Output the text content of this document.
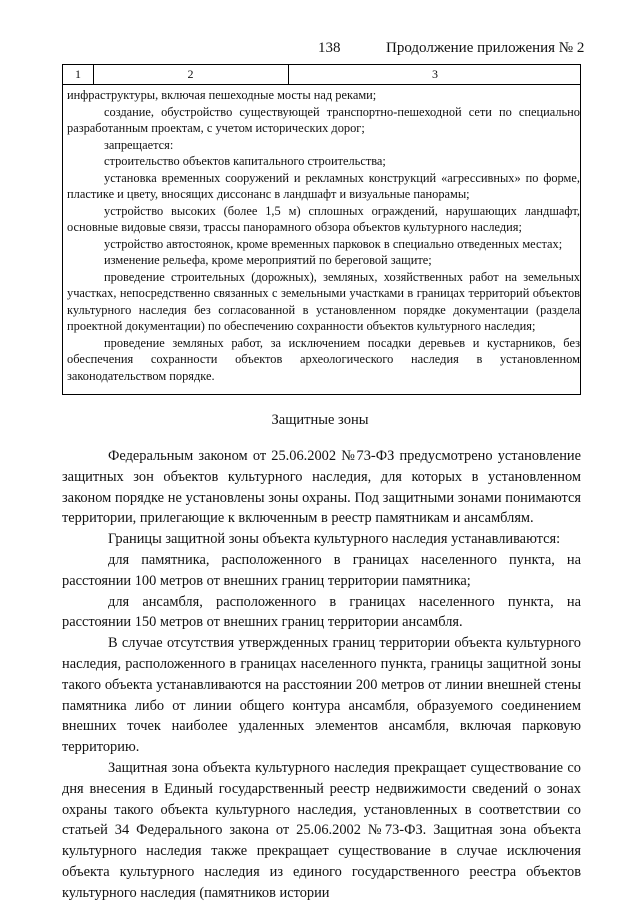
138	Продолжение приложения № 2
1	2	3

инфраструктуры, включая пешеходные мосты над реками;

создание, обустройство существующей транспортно-пешеходной сети по специально разработанным проектам, с учетом исторических дорог;

запрещается:

строительство объектов капитального строительства;

установка временных сооружений и рекламных конструкций «агрессивных» по форме, пластике и цвету, вносящих диссонанс в ландшафт и визуальные панорамы;

устройство высоких (более 1,5 м) сплошных ограждений, нарушающих ландшафт, основные видовые связи, трассы панорамного обзора объектов культурного наследия;

устройство автостоянок, кроме временных парковок в специально отведенных местах;

изменение рельефа, кроме мероприятий по береговой защите;

проведение строительных (дорожных), земляных, хозяйственных работ на земельных участках, непосредственно связанных с земельными участками в границах территорий объектов культурного наследия без согласованной в установленном порядке документации (раздела проектной документации) по обеспечению сохранности объектов культурного наследия;

проведение земляных работ, за исключением посадки деревьев и кустарников, без обеспечения сохранности объектов археологического наследия в установленном законодательством порядке.

Защитные зоны

Федеральным законом от 25.06.2002 №73-ФЗ предусмотрено установление защитных зон объектов культурного наследия, для которых в установленном законом порядке не установлены зоны охраны. Под защитными зонами понимаются территории, прилегающие к включенным в реестр памятникам и ансамблям.

Границы защитной зоны объекта культурного наследия устанавливаются:

для памятника, расположенного в границах населенного пункта, на расстоянии 100 метров от внешних границ территории памятника;

для ансамбля, расположенного в границах населенного пункта, на расстоянии 150 метров от внешних границ территории ансамбля.

В случае отсутствия утвержденных границ территории объекта культурного наследия, расположенного в границах населенного пункта, границы защитной зоны такого объекта устанавливаются на расстоянии 200 метров от линии внешней стены памятника либо от линии общего контура ансамбля, образуемого соединением внешних точек наиболее удаленных элементов ансамбля, включая парковую территорию.

Защитная зона объекта культурного наследия прекращает существование со дня внесения в Единый государственный реестр недвижимости сведений о зонах охраны такого объекта культурного наследия, установленных в соответствии со статьей 34 Федерального закона от 25.06.2002 №73-ФЗ. Защитная зона объекта культурного наследия также прекращает существование в случае исключения объекта культурного наследия из единого государственного реестра объектов культурного наследия (памятников истории
